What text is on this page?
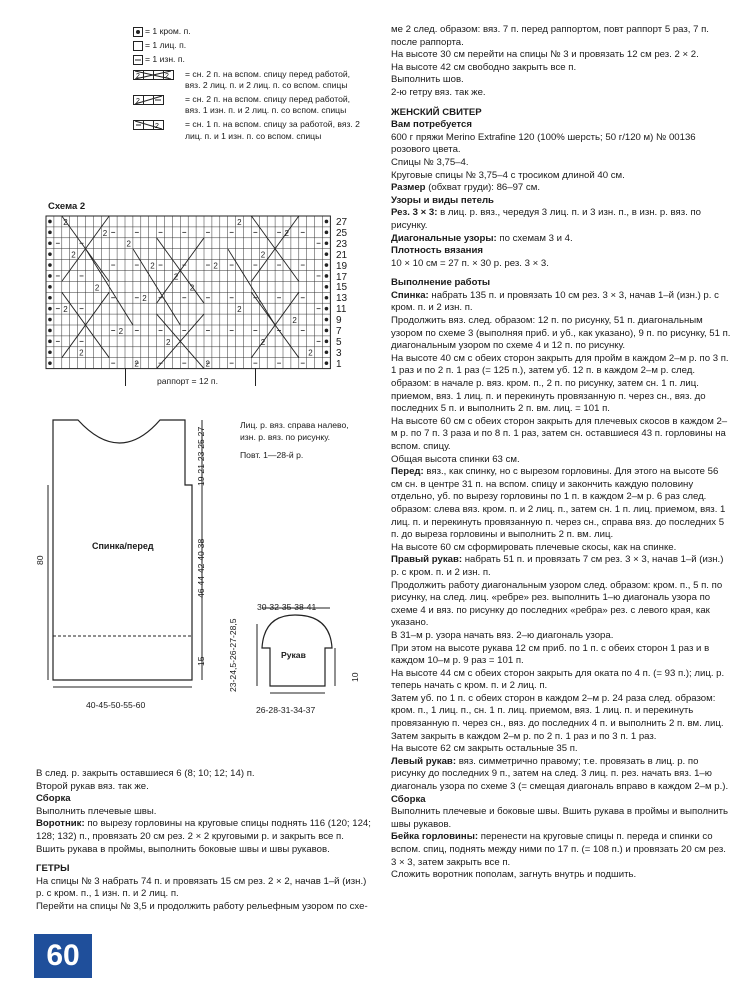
= 1 кром. п.
= 1 лиц. п.
= 1 изн. п.
2	2 = сн. 2 п. на вспом. спицу перед работой, вяз. 2 лиц. п. и 2 лиц. п. со вспом. спицы
2	= сн. 2 п. на вспом. спицу перед работой, вяз. 1 изн. п. и 2 лиц. п. со вспом. спицы
2	= сн. 1 п. на вспом. спицу за работой, вяз. 2 лиц. п. и 1 изн. п. со вспом. спицы
Схема 2
2
2
2
2
2
2
2
2
2
2
2
2
2
2
2
2
2
2
2
2
2
2
2
27
25
23
21
19
17
15
13
11
9
7
5
3
1
раппорт = 12 п.
Спинка/перед
Лиц. р. вяз. справа налево,
изн. р. вяз. по рисунку.
Повт. 1—28-й р.
80
19-21-23-25-27
46-44-42-40-38
15
40-45-50-55-60
30-32-35-38-41
Рукав
23-24,5-26-27-28,5
26-28-31-34-37
10

В след. р. закрыть оставшиеся 6 (8; 10; 12; 14) п.

Второй рукав вяз. так же.

Сборка

Выполнить плечевые швы.

Воротник: по вырезу горловины на круговые спицы поднять 116 (120; 124; 128; 132) п., провязать 20 см рез. 2 × 2 круговыми р. и закрыть все п.

Вшить рукава в проймы, выполнить боковые швы и швы рукавов.

ГЕТРЫ

На спицы № 3 набрать 74 п. и провязать 15 см рез. 2 × 2, начав 1–й (изн.) р. с кром. п., 1 изн. п. и 2 лиц. п.

Перейти на спицы № 3,5 и продолжить работу рельефным узором по схе-

ме 2 след. образом: вяз. 7 п. перед раппортом, повт раппорт 5 раз, 7 п. после раппорта.

На высоте 30 см перейти на спицы № 3 и провязать 12 см рез. 2 × 2.

На высоте 42 см свободно закрыть все п.

Выполнить шов.

2-ю гетру вяз. так же.

ЖЕНСКИЙ СВИТЕР

Вам потребуется

600 г пряжи Merino Extrafine 120 (100% шерсть; 50 г/120 м) № 00136 розового цвета.

Спицы № 3,75–4.

Круговые спицы № 3,75–4 с тросиком длиной 40 см.

Размер (обхват груди): 86–97 см.

Узоры и виды петель

Рез. 3 × 3: в лиц. р. вяз., чередуя 3 лиц. п. и 3 изн. п., в изн. р. вяз. по рисунку.

Диагональные узоры: по схемам 3 и 4.

Плотность вязания

10 × 10 см = 27 п. × 30 р. рез. 3 × 3.

Выполнение работы

Спинка: набрать 135 п. и провязать 10 см рез. 3 × 3, начав 1–й (изн.) р. с кром. п. и 2 изн. п.

Продолжить вяз. след. образом: 12 п. по рисунку, 51 п. диагональным узором по схеме 3 (выполняя приб. и уб., как указано), 9 п. по рисунку, 51 п. диагональным узором по схеме 4 и 12 п. по рисунку.

На высоте 40 см с обеих сторон закрыть для пройм в каждом 2–м р. по 3 п. 1 раз и по 2 п. 1 раз (= 125 п.), затем уб. 12 п. в каждом 2–м р. след. образом: в начале р. вяз. кром. п., 2 п. по рисунку, затем сн. 1 п. лиц. приемом, вяз. 1 лиц. п. и перекинуть провязанную п. через сн., вяз. до последних 5 п. и выполнить 2 п. вм. лиц. = 101 п.

На высоте 60 см с обеих сторон закрыть для плечевых скосов в каждом 2–м р. по 7 п. 3 раза и по 8 п. 1 раз, затем сн. оставшиеся 43 п. горловины на вспом. спицу.

Общая высота спинки 63 см.

Перед: вяз., как спинку, но с вырезом горловины. Для этого на высоте 56 см сн. в центре 31 п. на вспом. спицу и закончить каждую половину отдельно, уб. по вырезу горловины по 1 п. в каждом 2–м р. 6 раз след. образом: слева вяз. кром. п. и 2 лиц. п., затем сн. 1 п. лиц. приемом, вяз. 1 лиц. п. и перекинуть провязанную п. через сн., справа вяз. до последних 5 п. до вырезa горловины и выполнить 2 п. вм. лиц.

На высоте 60 см сформировать плечевые скосы, как на спинке.

Правый рукав: набрать 51 п. и провязать 7 см рез. 3 × 3, начав 1–й (изн.) р. с кром. п. и 2 изн. п.

Продолжить работу диагональным узором след. образом: кром. п., 5 п. по рисунку, на след. лиц. «ребре» рез. выполнить 1–ю диагональ узора по схеме 4 и вяз. по рисунку до последних «ребра» рез. с левого края, как указано.

В 31–м р. узора начать вяз. 2–ю диагональ узора.

При этом на высоте рукава 12 см приб. по 1 п. с обеих сторон 1 раз и в каждом 10–м р. 9 раз = 101 п.

На высоте 44 см с обеих сторон закрыть для оката по 4 п. (= 93 п.); лиц. р. теперь начать с кром. п. и 2 лиц. п.

Затем уб. по 1 п. с обеих сторон в каждом 2–м р. 24 раза след. образом: кром. п., 1 лиц. п., сн. 1 п. лиц. приемом, вяз. 1 лиц. п. и перекинуть провязанную п. через сн., вяз. до последних 4 п. и выполнить 2 п. вм. лиц.

Затем закрыть в каждом 2–м р. по 2 п. 1 раз и по 3 п. 1 раз.

На высоте 62 см закрыть остальные 35 п.

Левый рукав: вяз. симметрично правому; т.е. провязать в лиц. р. по рисунку до последних 9 п., затем на след. 3 лиц. п. рез. начать вяз. 1–ю диагональ узора по схеме 3 (= смещая диагональ вправо в каждом 2–м р.).

Сборка

Выполнить плечевые и боковые швы. Вшить рукава в проймы и выполнить швы рукавов.

Бейка горловины: перенести на круговые спицы п. переда и спинки со вспом. спиц, поднять между ними по 17 п. (= 108 п.) и провязать 20 см рез. 3 × 3, затем закрыть все п.

Сложить воротник пополам, загнуть внутрь и подшить.

60
